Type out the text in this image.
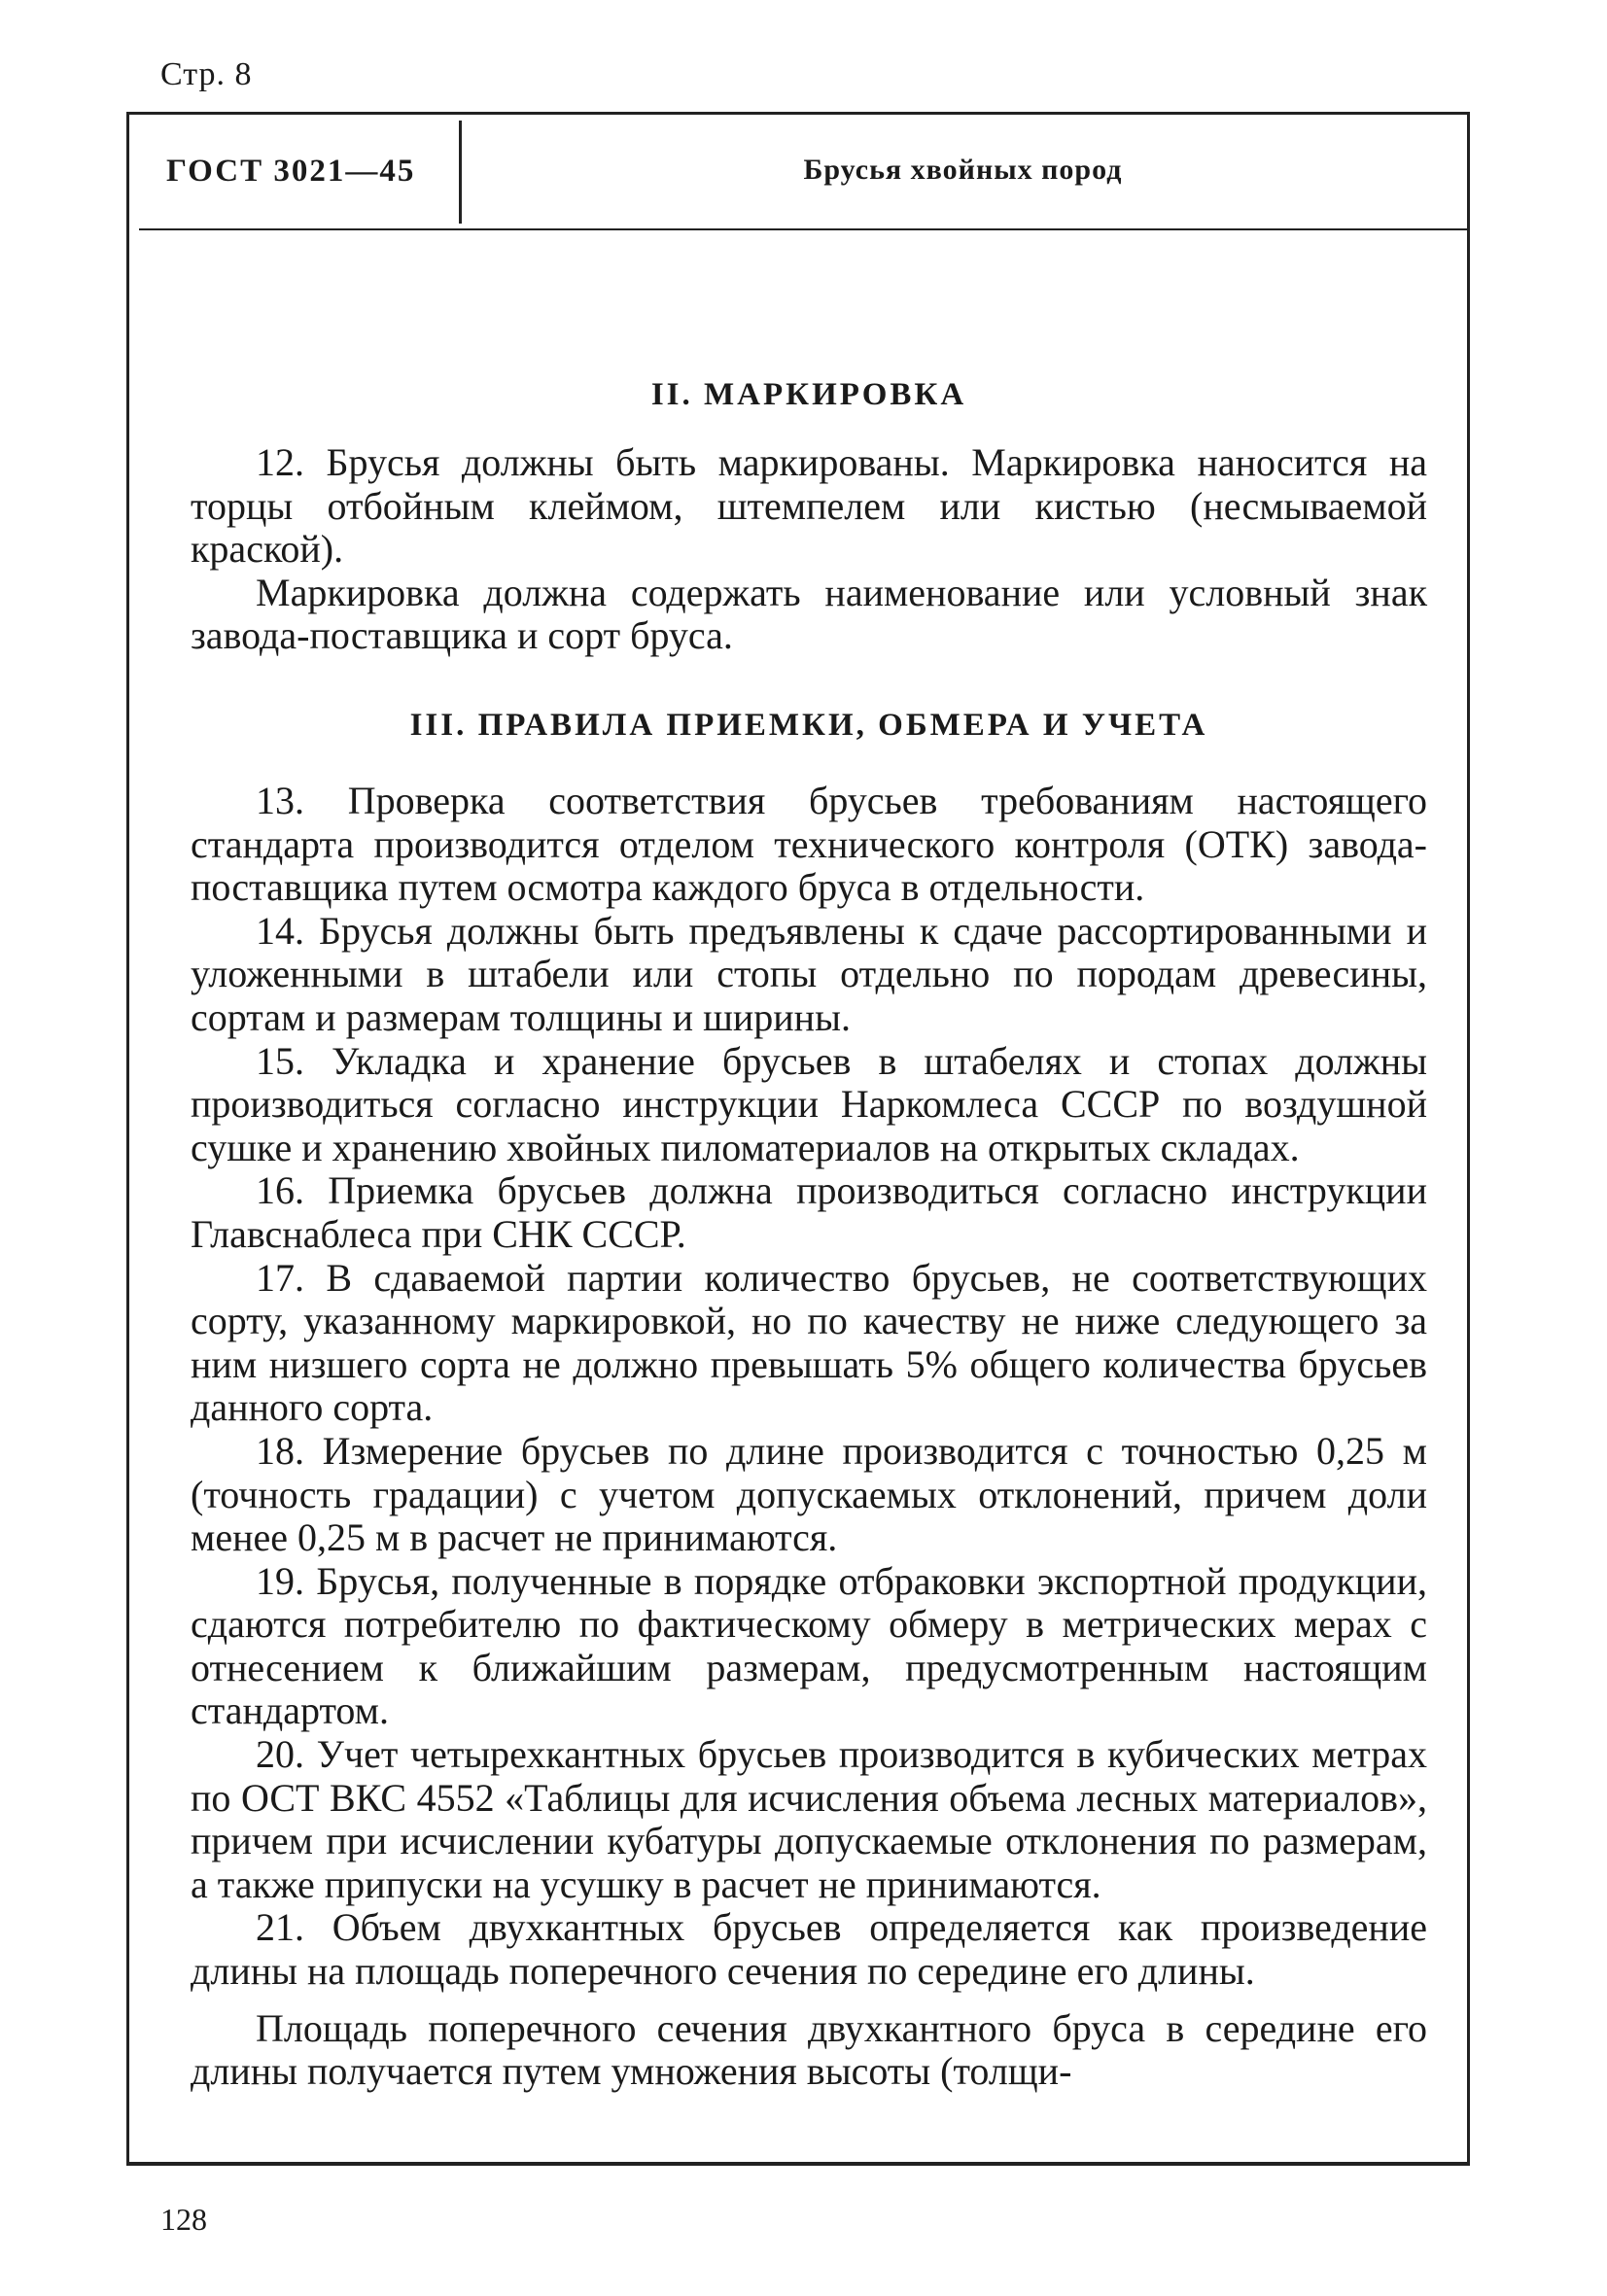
Стр. 8
ГОСТ 3021—45	Брусья хвойных пород
II. МАРКИРОВКА

12. Брусья должны быть маркированы. Маркировка наносится на торцы отбойным клеймом, штемпелем или кистью (несмываемой краской).

Маркировка должна содержать наименование или условный знак завода-поставщика и сорт бруса.

III. ПРАВИЛА ПРИЕМКИ, ОБМЕРА И УЧЕТА

13. Проверка соответствия брусьев требованиям настоящего стандарта производится отделом технического контроля (ОТК) завода-поставщика путем осмотра каждого бруса в отдельности.

14. Брусья должны быть предъявлены к сдаче рассортированными и уложенными в штабели или стопы отдельно по породам древесины, сортам и размерам толщины и ширины.

15. Укладка и хранение брусьев в штабелях и стопах должны производиться согласно инструкции Наркомлеса СССР по воздушной сушке и хранению хвойных пиломатериалов на открытых складах.

16. Приемка брусьев должна производиться согласно инструкции Главснаблеса при СНК СССР.

17. В сдаваемой партии количество брусьев, не соответствующих сорту, указанному маркировкой, но по качеству не ниже следующего за ним низшего сорта не должно превышать 5% общего количества брусьев данного сорта.

18. Измерение брусьев по длине производится с точностью 0,25 м (точность градации) с учетом допускаемых отклонений, причем доли менее 0,25 м в расчет не принимаются.

19. Брусья, полученные в порядке отбраковки экспортной продукции, сдаются потребителю по фактическому обмеру в метрических мерах с отнесением к ближайшим размерам, предусмотренным настоящим стандартом.

20. Учет четырехкантных брусьев производится в кубических метрах по ОСТ ВКС 4552 «Таблицы для исчисления объема лесных материалов», причем при исчислении кубатуры допускаемые отклонения по размерам, а также припуски на усушку в расчет не принимаются.

21. Объем двухкантных брусьев определяется как произведение длины на площадь поперечного сечения по середине его длины.

Площадь поперечного сечения двухкантного бруса в середине его длины получается путем умножения высоты (толщи-

128
